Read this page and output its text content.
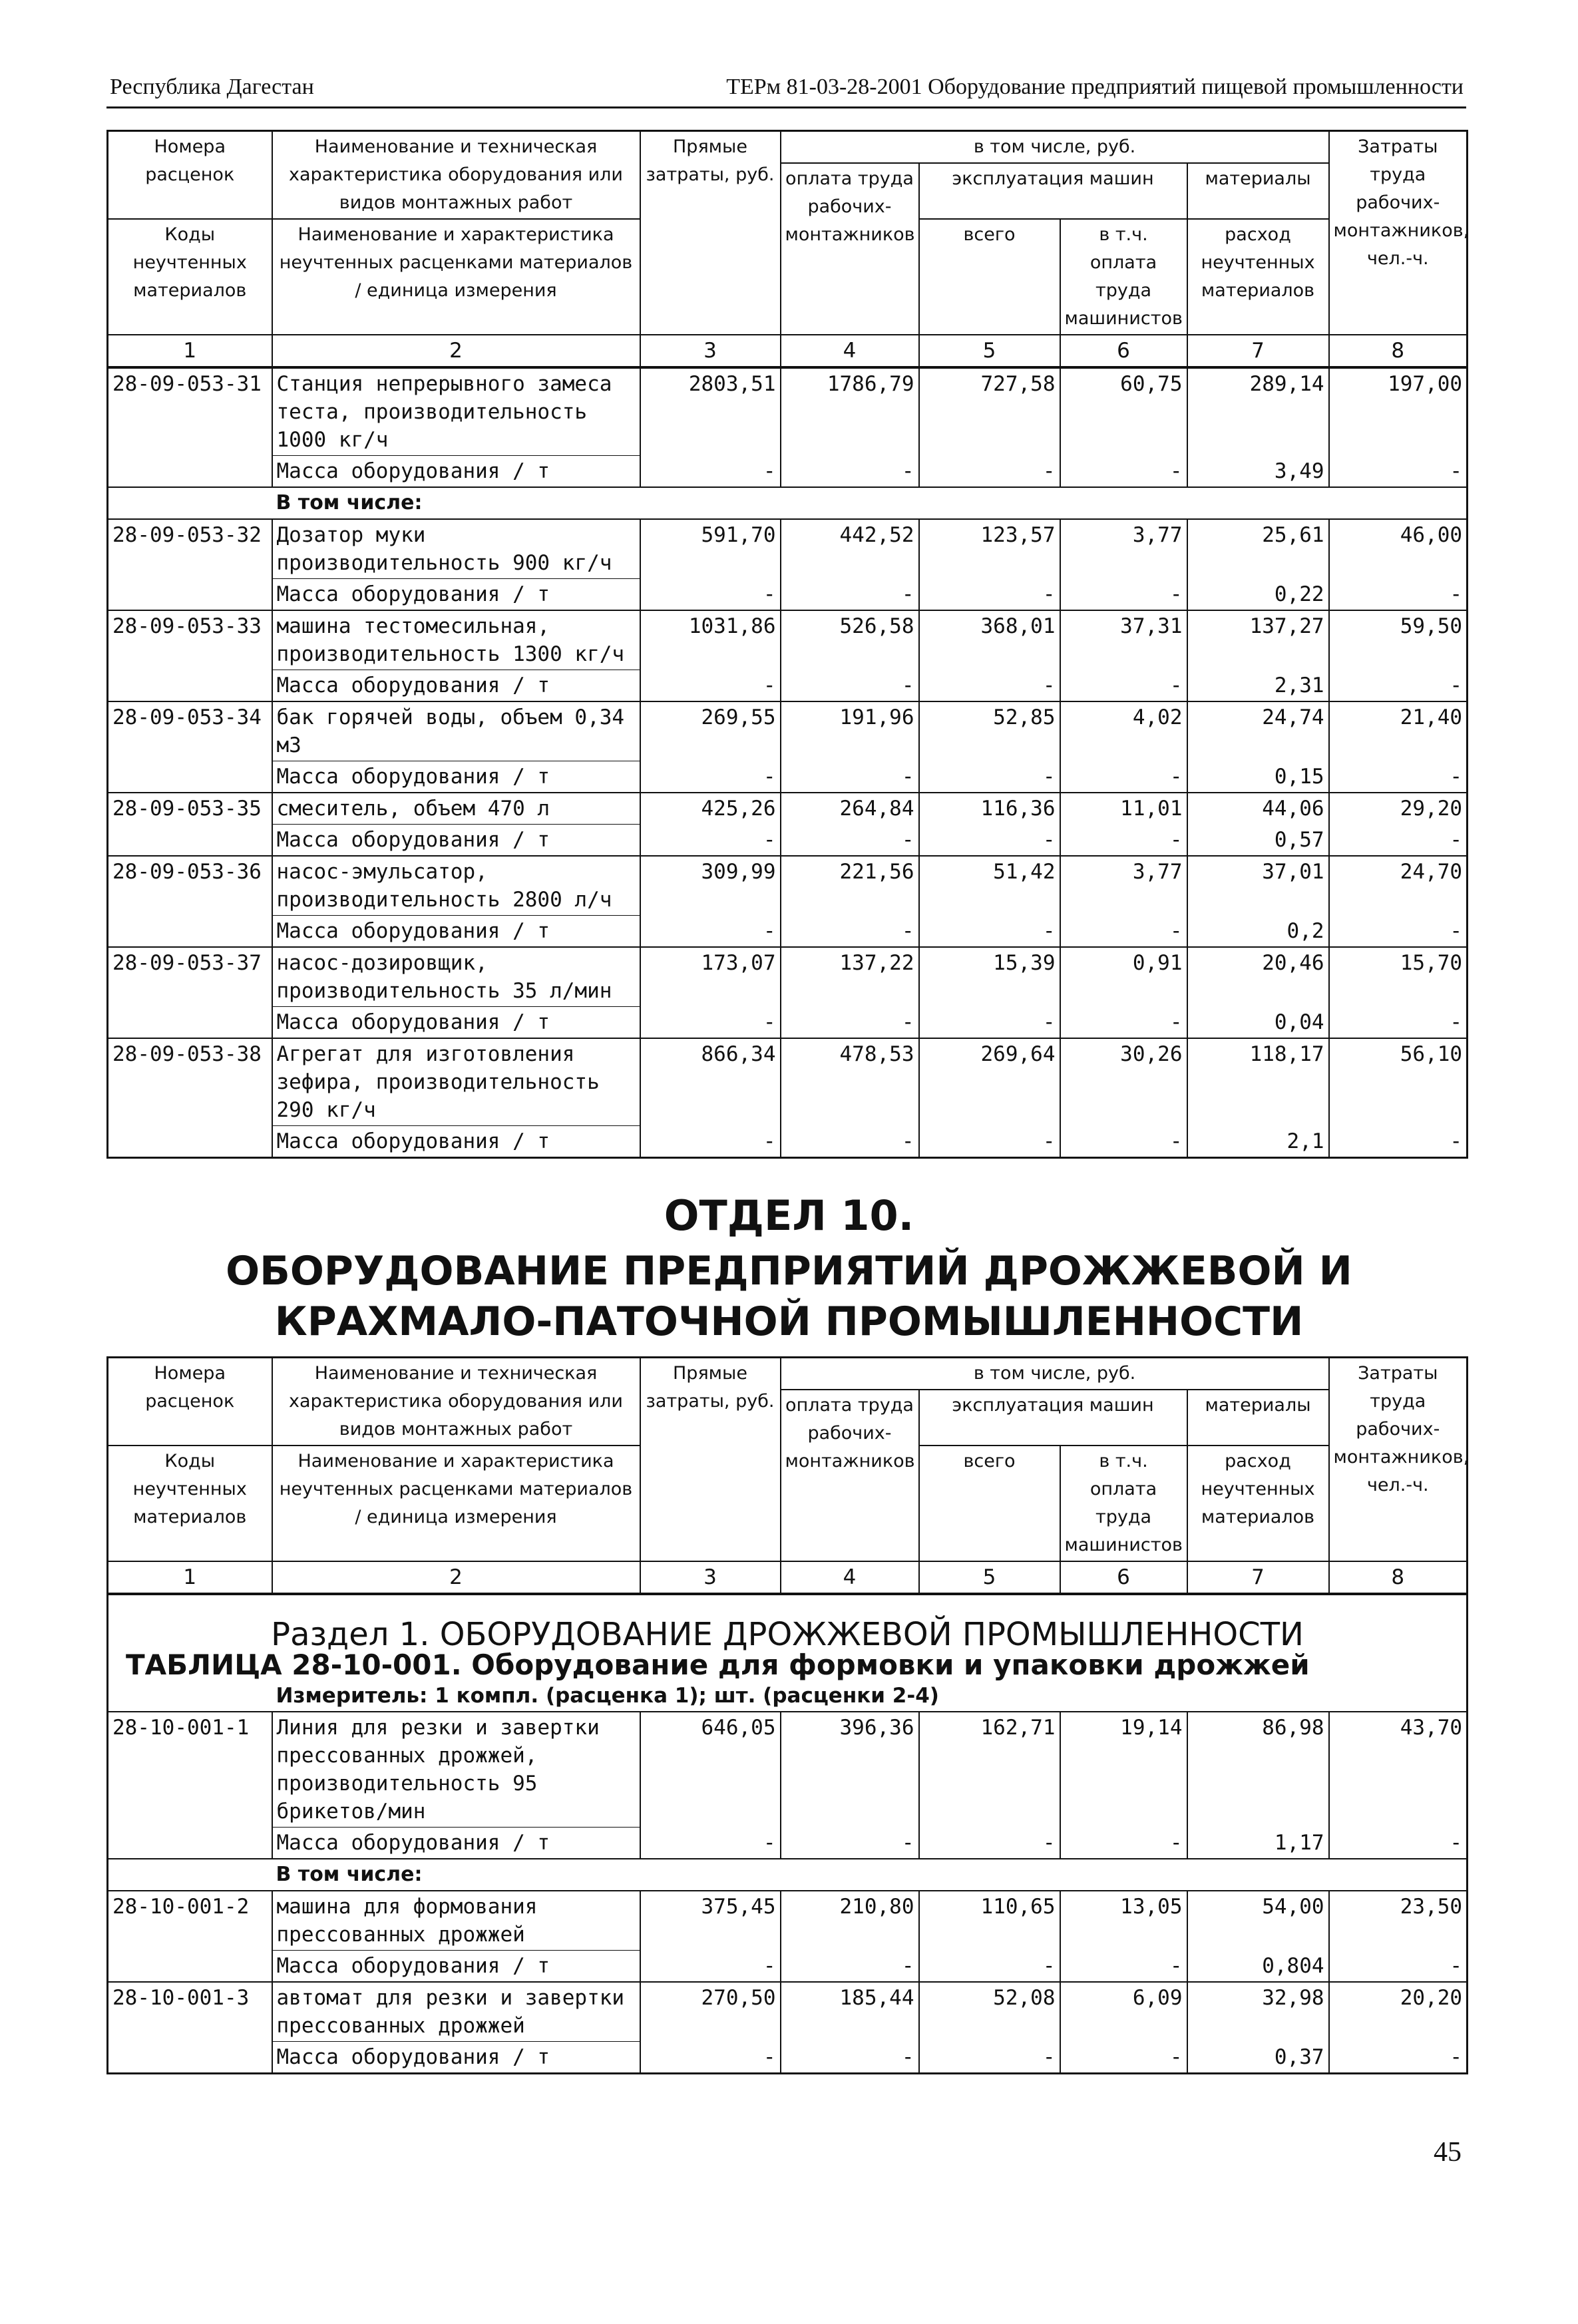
Республика Дагестан	ТЕРм 81-03-28-2001 Оборудование предприятий пищевой промышленности
Номера расценок	Наименование и техническая характеристика оборудования или видов монтажных работ	Прямые затраты, руб.	в том числе, руб.				Затраты труда рабочих-монтажников, чел.-ч.
			оплата труда рабочих-монтажников	эксплуатация машин		материалы	
Коды неучтенных материалов	Наименование и характеристика неучтенных расценками материалов / единица измерения			всего	в т.ч. оплата труда машинистов	расход неучтенных материалов	

1	2	3	4	5	6	7	8
28-09-053-31	Станция непрерывного замеса теста, производительность 1000 кг/ч	2803,51	1786,79	727,58	60,75	289,14	197,00
	Масса оборудования / т	-	-	-	-	3,49	-
	В том числе:						
28-09-053-32	Дозатор муки производительность 900 кг/ч	591,70	442,52	123,57	3,77	25,61	46,00
	Масса оборудования / т	-	-	-	-	0,22	-
28-09-053-33	машина тестомесильная, производительность 1300 кг/ч	1031,86	526,58	368,01	37,31	137,27	59,50
	Масса оборудования / т	-	-	-	-	2,31	-
28-09-053-34	бак горячей воды, объем 0,34 м3	269,55	191,96	52,85	4,02	24,74	21,40
	Масса оборудования / т	-	-	-	-	0,15	-
28-09-053-35	смеситель, объем 470 л	425,26	264,84	116,36	11,01	44,06	29,20
	Масса оборудования / т	-	-	-	-	0,57	-
28-09-053-36	насос-эмульсатор, производительность 2800 л/ч	309,99	221,56	51,42	3,77	37,01	24,70
	Масса оборудования / т	-	-	-	-	0,2	-
28-09-053-37	насос-дозировщик, производительность 35 л/мин	173,07	137,22	15,39	0,91	20,46	15,70
	Масса оборудования / т	-	-	-	-	0,04	-
28-09-053-38	Агрегат для изготовления зефира, производительность 290 кг/ч	866,34	478,53	269,64	30,26	118,17	56,10
	Масса оборудования / т	-	-	-	-	2,1	-
ОТДЕЛ 10.
ОБОРУДОВАНИЕ ПРЕДПРИЯТИЙ ДРОЖЖЕВОЙ И
КРАХМАЛО-ПАТОЧНОЙ ПРОМЫШЛЕННОСТИ
Номера расценок	Наименование и техническая характеристика оборудования или видов монтажных работ	Прямые затраты, руб.	в том числе, руб.				Затраты труда рабочих-монтажников, чел.-ч.
			оплата труда рабочих-монтажников	эксплуатация машин		материалы	
Коды неучтенных материалов	Наименование и характеристика неучтенных расценками материалов / единица измерения			всего	в т.ч. оплата труда машинистов	расход неучтенных материалов	

1	2	3	4	5	6	7	8
Раздел 1. ОБОРУДОВАНИЕ ДРОЖЖЕВОЙ ПРОМЫШЛЕННОСТИ							
ТАБЛИЦА 28-10-001. Оборудование для формовки и упаковки дрожжей							
	Измеритель: 1 компл. (расценка 1); шт. (расценки 2-4)						
28-10-001-1	Линия для резки и завертки прессованных дрожжей, производительность 95 брикетов/мин	646,05	396,36	162,71	19,14	86,98	43,70
	Масса оборудования / т	-	-	-	-	1,17	-
	В том числе:						
28-10-001-2	машина для формования прессованных дрожжей	375,45	210,80	110,65	13,05	54,00	23,50
	Масса оборудования / т	-	-	-	-	0,804	-
28-10-001-3	автомат для резки и завертки прессованных дрожжей	270,50	185,44	52,08	6,09	32,98	20,20
	Масса оборудования / т	-	-	-	-	0,37	-
45
